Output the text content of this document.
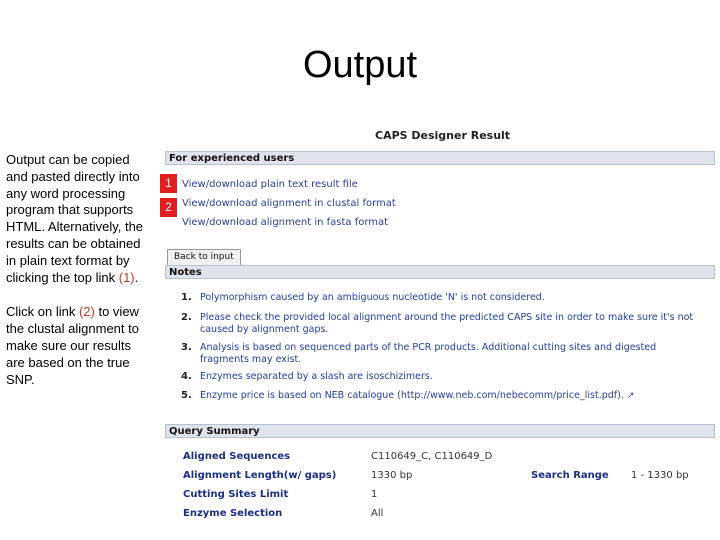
Output

Output can be copied and pasted directly into any word processing program that supports HTML. Alternatively, the results can be obtained in plain text format by clicking the top link (1).

Click on link (2) to view the clustal alignment to make sure our results are based on the true SNP.

CAPS Designer Result
For experienced users
1	View/download plain text result file
2	View/download alignment in clustal format
View/download alignment in fasta format
Back to input
Notes
1. Polymorphism caused by an ambiguous nucleotide 'N' is not considered.
2. Please check the provided local alignment around the predicted CAPS site in order to make sure it's not caused by alignment gaps.
3. Analysis is based on sequenced parts of the PCR products. Additional cutting sites and digested fragments may exist.
4. Enzymes separated by a slash are isoschizimers.
5. Enzyme price is based on NEB catalogue (http://www.neb.com/nebecomm/price_list.pdf). ↗
Query Summary
Aligned Sequences	C110649_C, C110649_D
Alignment Length(w/ gaps)	1330 bp	Search Range 1 - 1330 bp
Cutting Sites Limit	1
Enzyme Selection	All
